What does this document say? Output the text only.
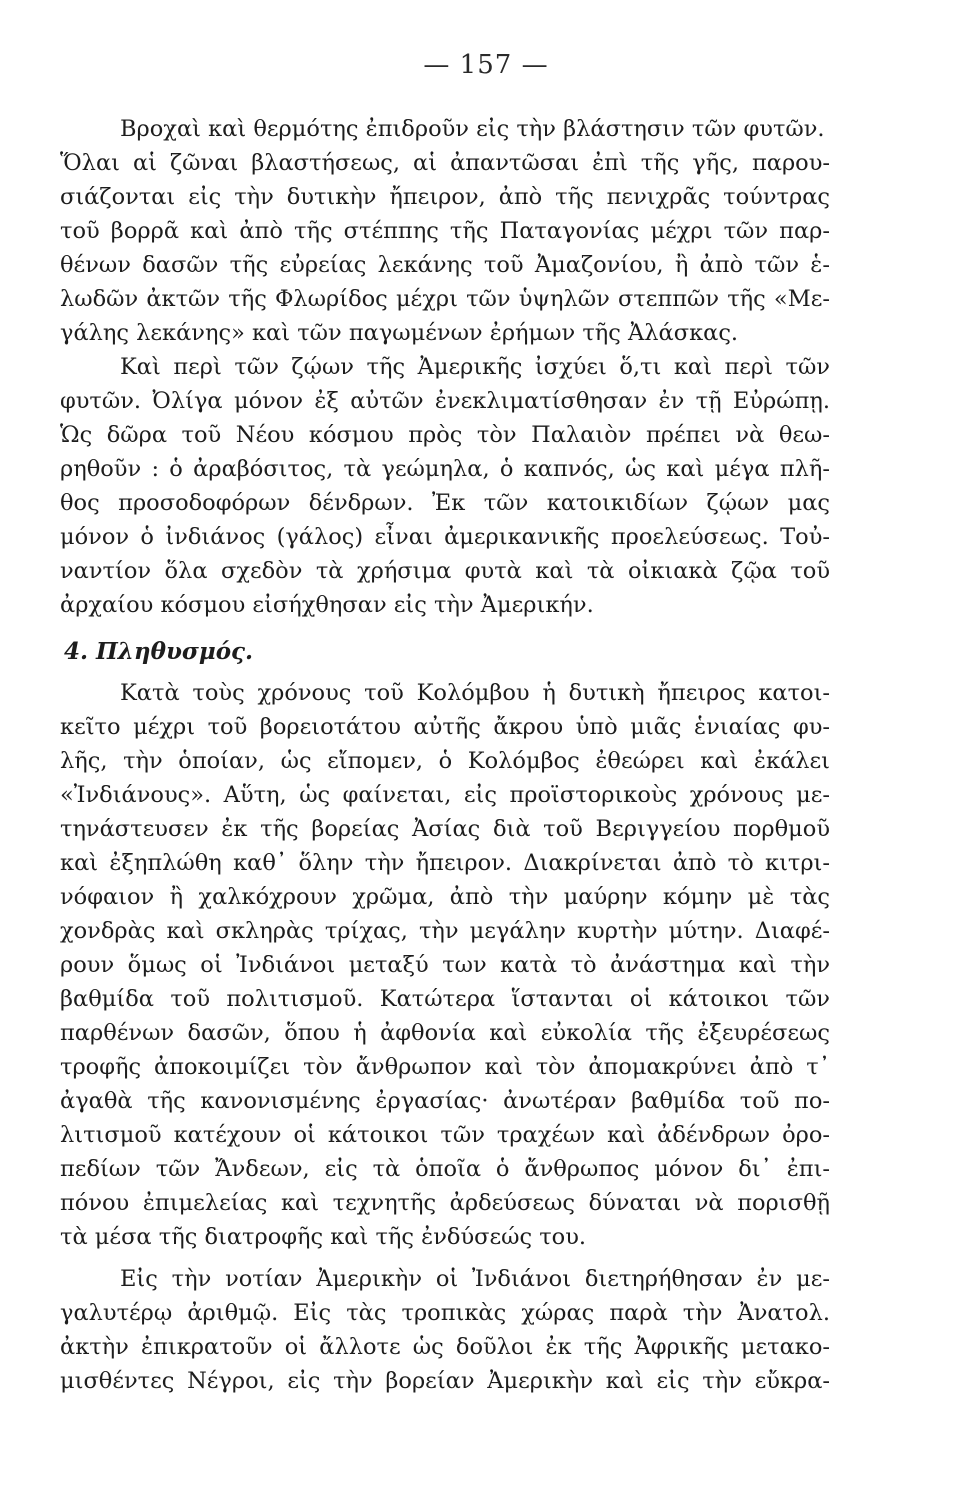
— 157 —
Βροχαὶ καὶ θερμότης ἐπιδροῦν εἰς τὴν βλάστησιν τῶν φυτῶν.
Ὅλαι αἱ ζῶναι βλαστήσεως, αἱ ἀπαντῶσαι ἐπὶ τῆς γῆς, παρου-
σιάζονται εἰς τὴν δυτικὴν ἤπειρον, ἀπὸ τῆς πενιχρᾶς τούντρας
τοῦ βορρᾶ καὶ ἀπὸ τῆς στέππης τῆς Παταγονίας μέχρι τῶν παρ-
θένων δασῶν τῆς εὐρείας λεκάνης τοῦ Ἀμαζονίου, ἢ ἀπὸ τῶν ἑ-
λωδῶν ἀκτῶν τῆς Φλωρίδος μέχρι τῶν ὑψηλῶν στεππῶν τῆς «Με-
γάλης λεκάνης» καὶ τῶν παγωμένων ἐρήμων τῆς Ἀλάσκας.
Καὶ περὶ τῶν ζῴων τῆς Ἀμερικῆς ἰσχύει ὅ,τι καὶ περὶ τῶν
φυτῶν. Ὀλίγα μόνον ἐξ αὐτῶν ἐνεκλιματίσθησαν ἐν τῇ Εὐρώπῃ.
Ὡς δῶρα τοῦ Νέου κόσμου πρὸς τὸν Παλαιὸν πρέπει νὰ θεω-
ρηθοῦν : ὁ ἀραβόσιτος, τὰ γεώμηλα, ὁ καπνός, ὡς καὶ μέγα πλῆ-
θος προσοδοφόρων δένδρων. Ἐκ τῶν κατοικιδίων ζῴων μας
μόνον ὁ ἰνδιάνος (γάλος) εἶναι ἀμερικανικῆς προελεύσεως. Τοὐ-
ναντίον ὅλα σχεδὸν τὰ χρήσιμα φυτὰ καὶ τὰ οἰκιακὰ ζῷα τοῦ
ἀρχαίου κόσμου εἰσήχθησαν εἰς τὴν Ἀμερικήν.
4. Πληθυσμός.
Κατὰ τοὺς χρόνους τοῦ Κολόμβου ἡ δυτικὴ ἤπειρος κατοι-
κεῖτο μέχρι τοῦ βορειοτάτου αὐτῆς ἄκρου ὑπὸ μιᾶς ἑνιαίας φυ-
λῆς, τὴν ὁποίαν, ὡς εἴπομεν, ὁ Κολόμβος ἐθεώρει καὶ ἐκάλει
«Ἰνδιάνους». Αὕτη, ὡς φαίνεται, εἰς προϊστορικοὺς χρόνους με-
τηνάστευσεν ἐκ τῆς βορείας Ἀσίας διὰ τοῦ Βεριγγείου πορθμοῦ
καὶ ἐξηπλώθη καθ᾿ ὅλην τὴν ἤπειρον. Διακρίνεται ἀπὸ τὸ κιτρι-
νόφαιον ἢ χαλκόχρουν χρῶμα, ἀπὸ τὴν μαύρην κόμην μὲ τὰς
χονδρὰς καὶ σκληρὰς τρίχας, τὴν μεγάλην κυρτὴν μύτην. Διαφέ-
ρουν ὅμως οἱ Ἰνδιάνοι μεταξύ των κατὰ τὸ ἀνάστημα καὶ τὴν
βαθμίδα τοῦ πολιτισμοῦ. Κατώτερα ἵστανται οἱ κάτοικοι τῶν
παρθένων δασῶν, ὅπου ἡ ἀφθονία καὶ εὐκολία τῆς ἐξευρέσεως
τροφῆς ἀποκοιμίζει τὸν ἄνθρωπον καὶ τὸν ἀπομακρύνει ἀπὸ τ᾿
ἀγαθὰ τῆς κανονισμένης ἐργασίας· ἀνωτέραν βαθμίδα τοῦ πο-
λιτισμοῦ κατέχουν οἱ κάτοικοι τῶν τραχέων καὶ ἀδένδρων ὀρο-
πεδίων τῶν Ἄνδεων, εἰς τὰ ὁποῖα ὁ ἄνθρωπος μόνον δι᾿ ἐπι-
πόνου ἐπιμελείας καὶ τεχνητῆς ἀρδεύσεως δύναται νὰ πορισθῇ
τὰ μέσα τῆς διατροφῆς καὶ τῆς ἐνδύσεώς του.
Εἰς τὴν νοτίαν Ἀμερικὴν οἱ Ἰνδιάνοι διετηρήθησαν ἐν με-
γαλυτέρῳ ἀριθμῷ. Εἰς τὰς τροπικὰς χώρας παρὰ τὴν Ἀνατολ.
ἀκτὴν ἐπικρατοῦν οἱ ἄλλοτε ὡς δοῦλοι ἐκ τῆς Ἀφρικῆς μετακο-
μισθέντες Νέγροι, εἰς τὴν βορείαν Ἀμερικὴν καὶ εἰς τὴν εὔκρα-
